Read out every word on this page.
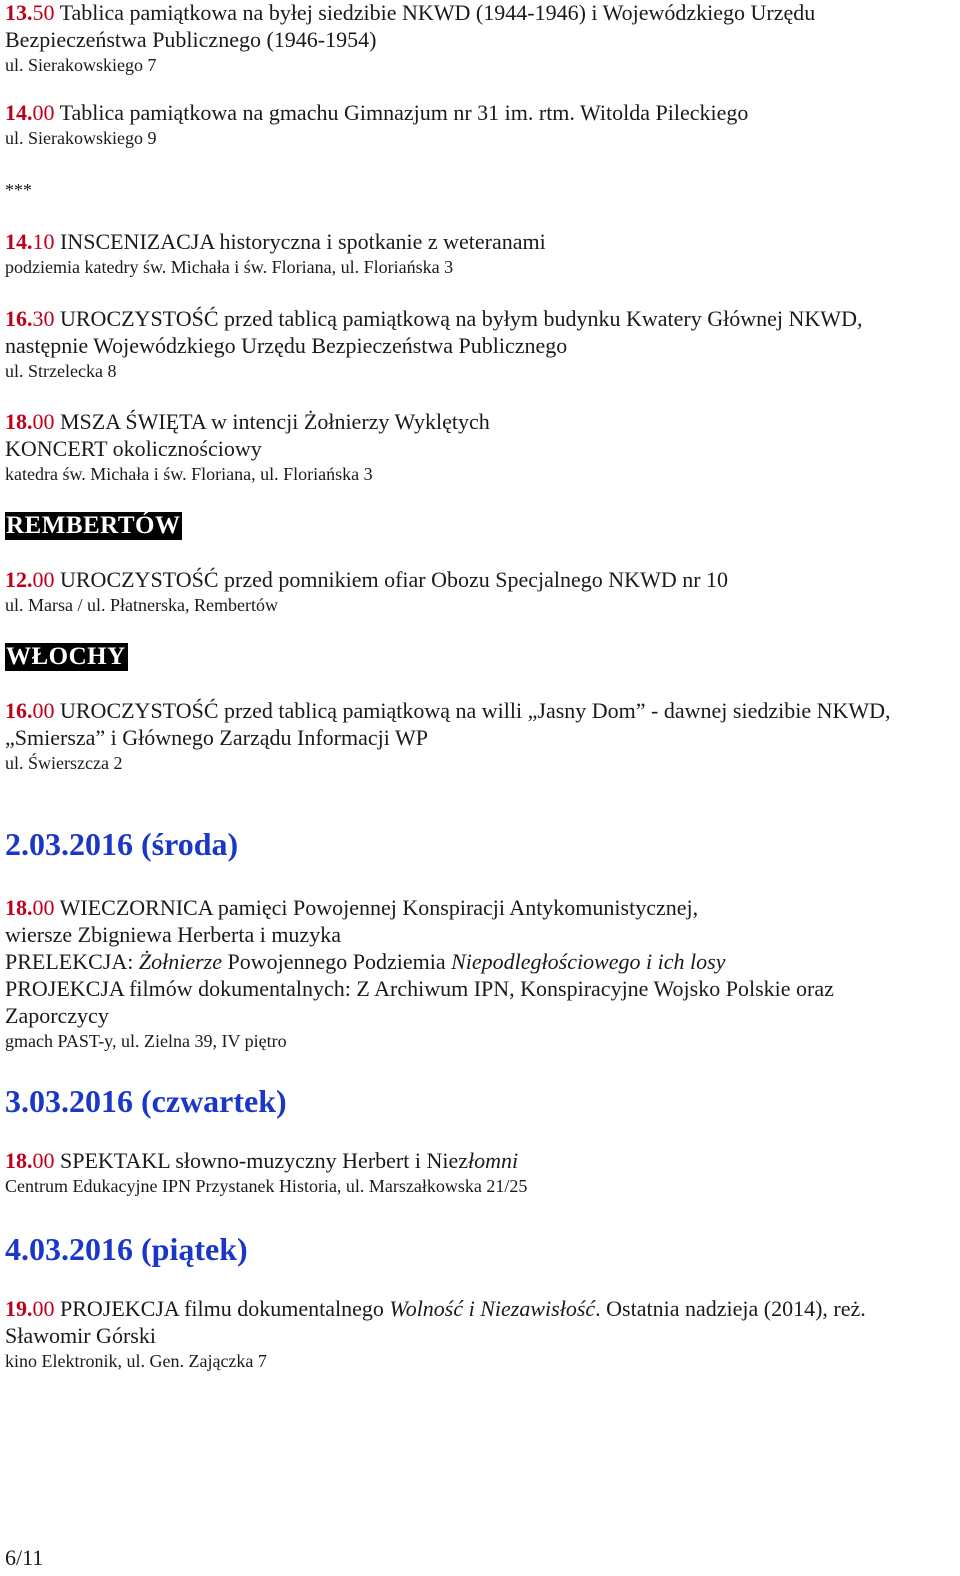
13.50 Tablica pamiątkowa na byłej siedzibie NKWD (1944-1946) i Wojewódzkiego Urzędu
Bezpieczeństwa Publicznego (1946-1954)
ul. Sierakowskiego 7
14.00 Tablica pamiątkowa na gmachu Gimnazjum nr 31 im. rtm. Witolda Pileckiego
ul. Sierakowskiego 9
***
14.10 INSCENIZACJA historyczna i spotkanie z weteranami
podziemia katedry św. Michała i św. Floriana, ul. Floriańska 3
16.30 UROCZYSTOŚĆ przed tablicą pamiątkową na byłym budynku Kwatery Głównej NKWD,
następnie Wojewódzkiego Urzędu Bezpieczeństwa Publicznego
ul. Strzelecka 8
18.00 MSZA ŚWIĘTA w intencji Żołnierzy Wyklętych
KONCERT okolicznościowy
katedra św. Michała i św. Floriana, ul. Floriańska 3
REMBERTÓW
12.00 UROCZYSTOŚĆ przed pomnikiem ofiar Obozu Specjalnego NKWD nr 10
ul. Marsa / ul. Płatnerska, Rembertów
WŁOCHY
16.00 UROCZYSTOŚĆ przed tablicą pamiątkową na willi „Jasny Dom” - dawnej siedzibie NKWD,
„Smiersza” i Głównego Zarządu Informacji WP
ul. Świerszcza 2
2.03.2016 (środa)
18.00 WIECZORNICA pamięci Powojennej Konspiracji Antykomunistycznej,
wiersze Zbigniewa Herberta i muzyka
PRELEKCJA: Żołnierze Powojennego Podziemia Niepodległościowego i ich losy
PROJEKCJA filmów dokumentalnych: Z Archiwum IPN, Konspiracyjne Wojsko Polskie oraz
Zaporczycy
gmach PAST-y, ul. Zielna 39, IV piętro
3.03.2016 (czwartek)
18.00 SPEKTAKL słowno-muzyczny Herbert i Niezłomni
Centrum Edukacyjne IPN Przystanek Historia, ul. Marszałkowska 21/25
4.03.2016 (piątek)
19.00 PROJEKCJA filmu dokumentalnego Wolność i Niezawisłość. Ostatnia nadzieja (2014), reż.
Sławomir Górski
kino Elektronik, ul. Gen. Zajączka 7
6/11
